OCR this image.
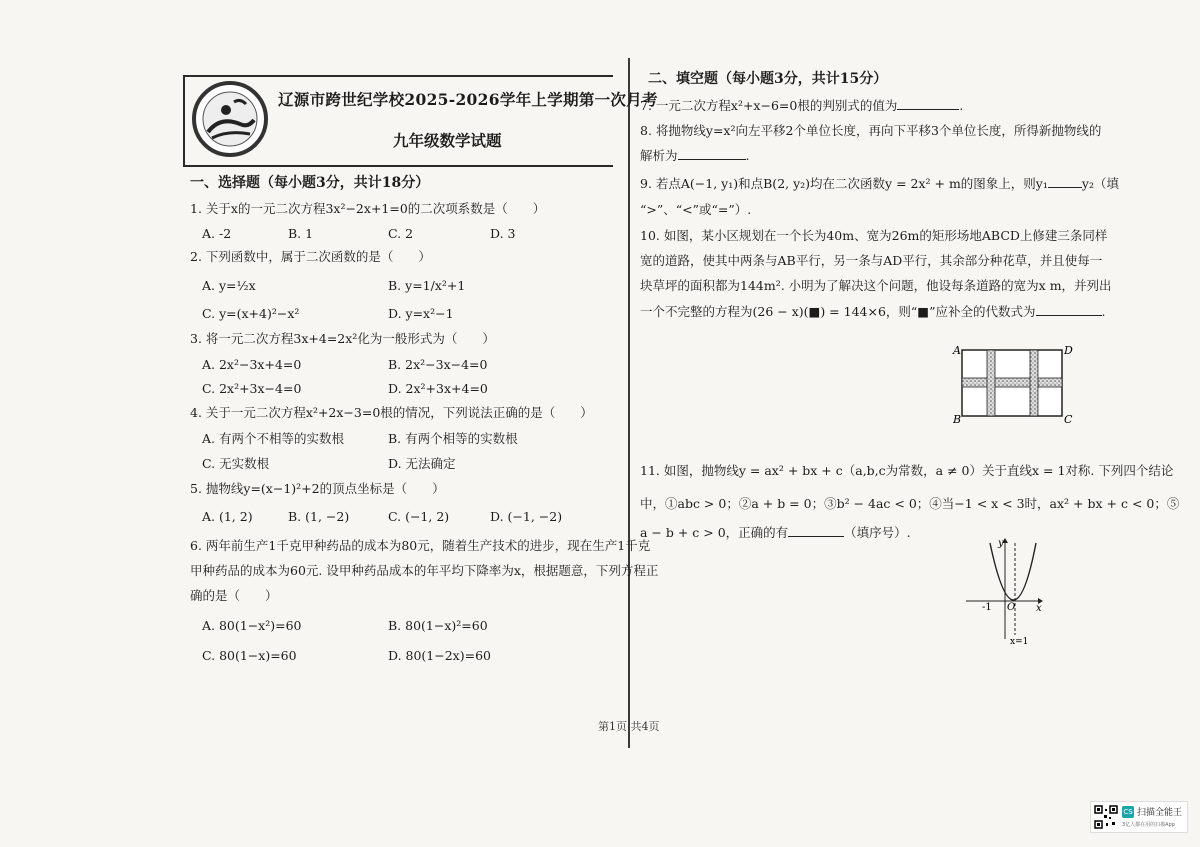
辽源市跨世纪学校2025-2026学年上学期第一次月考
九年级数学试题
一、选择题（每小题3分，共计18分）
1. 关于x的一元二次方程3x²−2x+1=0的二次项系数是（　　）
A. -2	B. 1	C. 2	D. 3
2. 下列函数中，属于二次函数的是（　　）
A. y=½x	B. y=1/x²+1
C. y=(x+4)²−x²	D. y=x²−1
3. 将一元二次方程3x+4=2x²化为一般形式为（　　）
A. 2x²−3x+4=0	B. 2x²−3x−4=0
C. 2x²+3x−4=0	D. 2x²+3x+4=0
4. 关于一元二次方程x²+2x−3=0根的情况，下列说法正确的是（　　）
A. 有两个不相等的实数根	B. 有两个相等的实数根
C. 无实数根	D. 无法确定
5. 抛物线y=(x−1)²+2的顶点坐标是（　　）
A. (1, 2)	B. (1, −2)	C. (−1, 2)	D. (−1, −2)
6. 两年前生产1千克甲种药品的成本为80元，随着生产技术的进步，现在生产1千克
甲种药品的成本为60元. 设甲种药品成本的年平均下降率为x，根据题意，下列方程正
确的是（　　）
A. 80(1−x²)=60	B. 80(1−x)²=60
C. 80(1−x)=60	D. 80(1−2x)=60
二、填空题（每小题3分，共计15分）
7. 一元二次方程x²+x−6=0根的判别式的值为	.
8. 将抛物线y=x²向左平移2个单位长度，再向下平移3个单位长度，所得新抛物线的
解析为	.
9. 若点A(−1, y₁)和点B(2, y₂)均在二次函数y = 2x² + m的图象上，则y₁	y₂（填
“>”、“<”或“=”）.
10. 如图，某小区规划在一个长为40m、宽为26m的矩形场地ABCD上修建三条同样
宽的道路，使其中两条与AB平行，另一条与AD平行，其余部分种花草，并且使每一
块草坪的面积都为144m². 小明为了解决这个问题，他设每条道路的宽为x m，并列出
一个不完整的方程为(26 − x)(■) = 144×6，则“■”应补全的代数式为	.
A	D
B	C
11. 如图，抛物线y = ax² + bx + c（a,b,c为常数，a ≠ 0）关于直线x = 1对称. 下列四个结论
中，①abc > 0；②a + b = 0；③b² − 4ac < 0；④当−1 < x < 3时，ax² + bx + c < 0；⑤
a − b + c > 0，正确的有	（填序号）.
y
x
O
-1
x=1
第1页 共4页
CS 扫描全能王
3亿人都在用的扫描App
